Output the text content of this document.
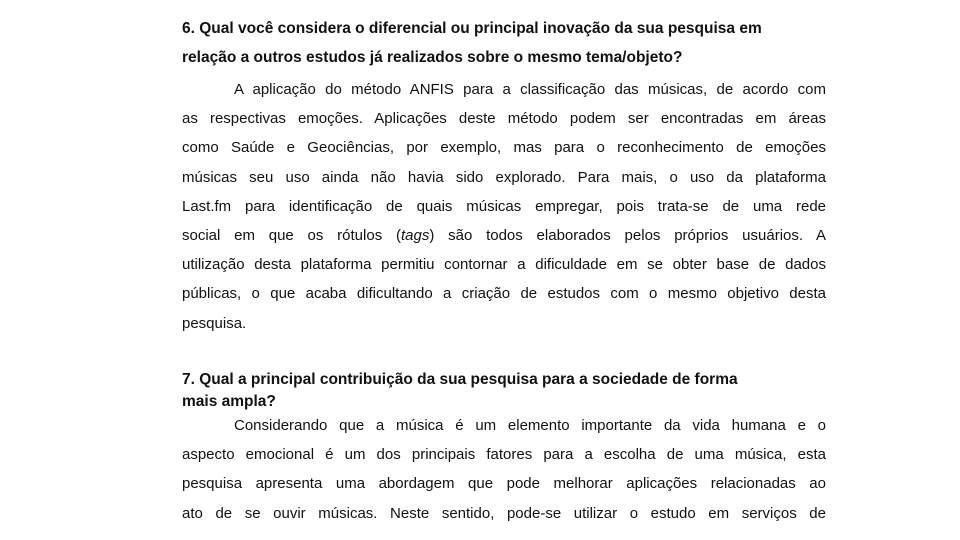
6. Qual você considera o diferencial ou principal inovação da sua pesquisa em

relação a outros estudos já realizados sobre o mesmo tema/objeto?

A aplicação do método ANFIS para a classificação das músicas, de acordo com

as respectivas emoções. Aplicações deste método podem ser encontradas em áreas

como Saúde e Geociências, por exemplo, mas para o reconhecimento de emoções

músicas seu uso ainda não havia sido explorado. Para mais, o uso da plataforma

Last.fm para identificação de quais músicas empregar, pois trata-se de uma rede

social em que os rótulos (tags) são todos elaborados pelos próprios usuários. A

utilização desta plataforma permitiu contornar a dificuldade em se obter base de dados

públicas, o que acaba dificultando a criação de estudos com o mesmo objetivo desta

pesquisa.

7. Qual a principal contribuição da sua pesquisa para a sociedade de forma

mais ampla?

Considerando que a música é um elemento importante da vida humana e o

aspecto emocional é um dos principais fatores para a escolha de uma música, esta

pesquisa apresenta uma abordagem que pode melhorar aplicações relacionadas ao

ato de se ouvir músicas. Neste sentido, pode-se utilizar o estudo em serviços de
